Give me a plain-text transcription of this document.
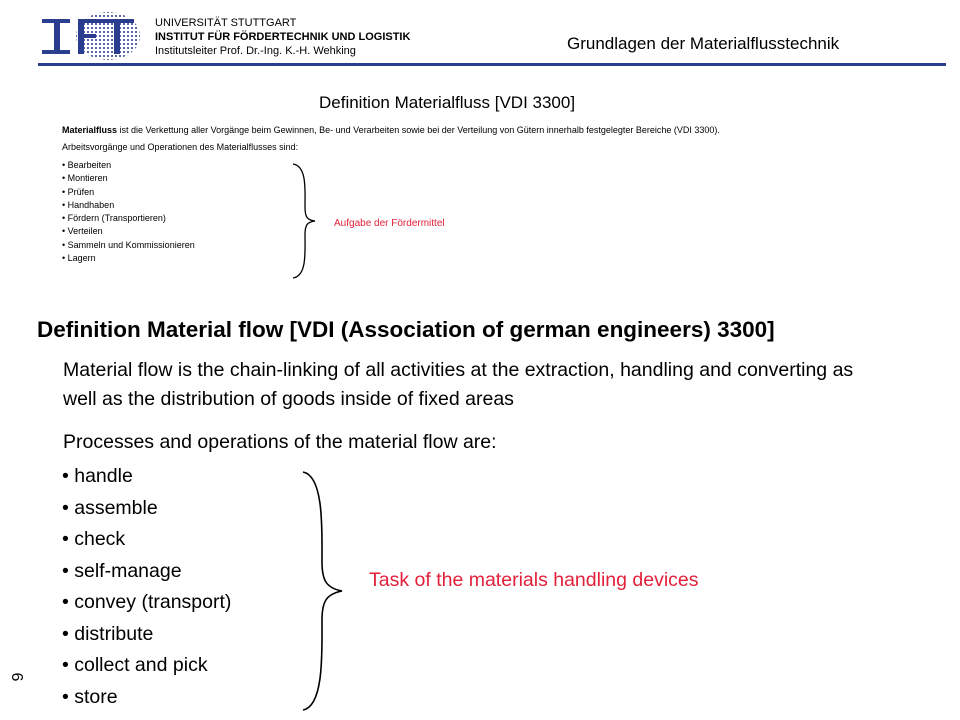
UNIVERSITÄT STUTTGART
INSTITUT FÜR FÖRDERTECHNIK UND LOGISTIK
Institutsleiter Prof. Dr.-Ing. K.-H. Wehking	Grundlagen der Materialflusstechnik
Definition Materialfluss [VDI 3300]
Materialfluss ist die Verkettung aller Vorgänge beim Gewinnen, Be- und Verarbeiten sowie bei der Verteilung von Gütern innerhalb festgelegter Bereiche (VDI 3300).
Arbeitsvorgänge und Operationen des Materialflusses sind:
• Bearbeiten
• Montieren
• Prüfen
• Handhaben
• Fördern (Transportieren)
• Verteilen
• Sammeln und Kommissionieren
• Lagern
Aufgabe der Fördermittel
Definition Material flow [VDI (Association of german engineers) 3300]
Material flow is the chain-linking of all activities at the extraction, handling and converting as well as the distribution of goods inside of fixed areas
Processes and operations of the material flow are:
• handle
• assemble
• check
• self-manage
• convey (transport)
• distribute
• collect and pick
• store
Task of the materials handling devices
6
